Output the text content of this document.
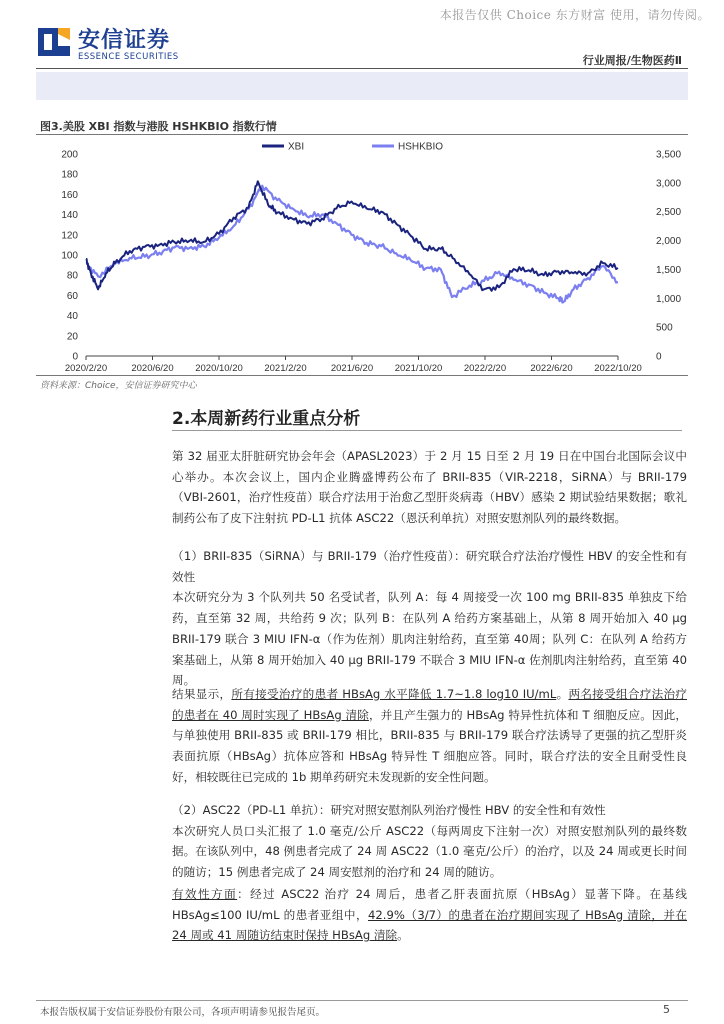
本报告仅供 Choice 东方财富 使用，请勿传阅。
安信证券
ESSENCE SECURITIES	行业周报/生物医药Ⅱ
图3.美股 XBI 指数与港股 HSHKBIO 指数行情
0
20
40
60
80
100
120
140
160
180
200
0
500
1,000
1,500
2,000
2,500
3,000
3,500
2020/2/20	2020/6/20 2020/10/20 2021/2/20	2021/6/20 2021/10/20 2022/2/20	2022/6/20 2022/10/20
XBI	HSHKBIO
资料来源：Choice，安信证券研究中心
2.本周新药行业重点分析

第 32 届亚太肝脏研究协会年会（APASL2023）于 2 月 15 日至 2 月 19 日在中国台北国际会议中心举办。本次会议上，国内企业腾盛博药公布了 BRII-835（VIR-2218，SiRNA）与 BRII-179（VBI-2601，治疗性疫苗）联合疗法用于治愈乙型肝炎病毒（HBV）感染 2 期试验结果数据；歌礼制药公布了皮下注射抗 PD-L1 抗体 ASC22（恩沃利单抗）对照安慰剂队列的最终数据。

（1）BRII-835（SiRNA）与 BRII-179（治疗性疫苗）：研究联合疗法治疗慢性 HBV 的安全性和有效性
本次研究分为 3 个队列共 50 名受试者，队列 A：每 4 周接受一次 100 mg BRII-835 单独皮下给药，直至第 32 周，共给药 9 次；队列 B：在队列 A 给药方案基础上，从第 8 周开始加入 40 μg BRII-179 联合 3 MIU IFN-α（作为佐剂）肌肉注射给药，直至第 40周；队列 C：在队列 A 给药方案基础上，从第 8 周开始加入 40 μg BRII-179 不联合 3 MIU IFN-α 佐剂肌肉注射给药，直至第 40周。

结果显示，所有接受治疗的患者 HBsAg 水平降低 1.7~1.8 log10 IU/mL。两名接受组合疗法治疗的患者在 40 周时实现了 HBsAg 清除，并且产生强力的 HBsAg 特异性抗体和 T 细胞反应。因此，与单独使用 BRII-835 或 BRII-179 相比，BRII-835 与 BRII-179 联合疗法诱导了更强的抗乙型肝炎表面抗原（HBsAg）抗体应答和 HBsAg 特异性 T 细胞应答。同时，联合疗法的安全且耐受性良好，相较既往已完成的 1b 期单药研究未发现新的安全性问题。

（2）ASC22（PD-L1 单抗）：研究对照安慰剂队列治疗慢性 HBV 的安全性和有效性
本次研究人员口头汇报了 1.0 毫克/公斤 ASC22（每两周皮下注射一次）对照安慰剂队列的最终数据。在该队列中，48 例患者完成了 24 周 ASC22（1.0 毫克/公斤）的治疗，以及 24 周或更长时间的随访；15 例患者完成了 24 周安慰剂的治疗和 24 周的随访。

有效性方面：经过 ASC22 治疗 24 周后，患者乙肝表面抗原（HBsAg）显著下降。在基线 HBsAg≤100 IU/mL 的患者亚组中，42.9%（3/7）的患者在治疗期间实现了 HBsAg 清除，并在 24 周或 41 周随访结束时保持 HBsAg 清除。

本报告版权属于安信证券股份有限公司，各项声明请参见报告尾页。	5
